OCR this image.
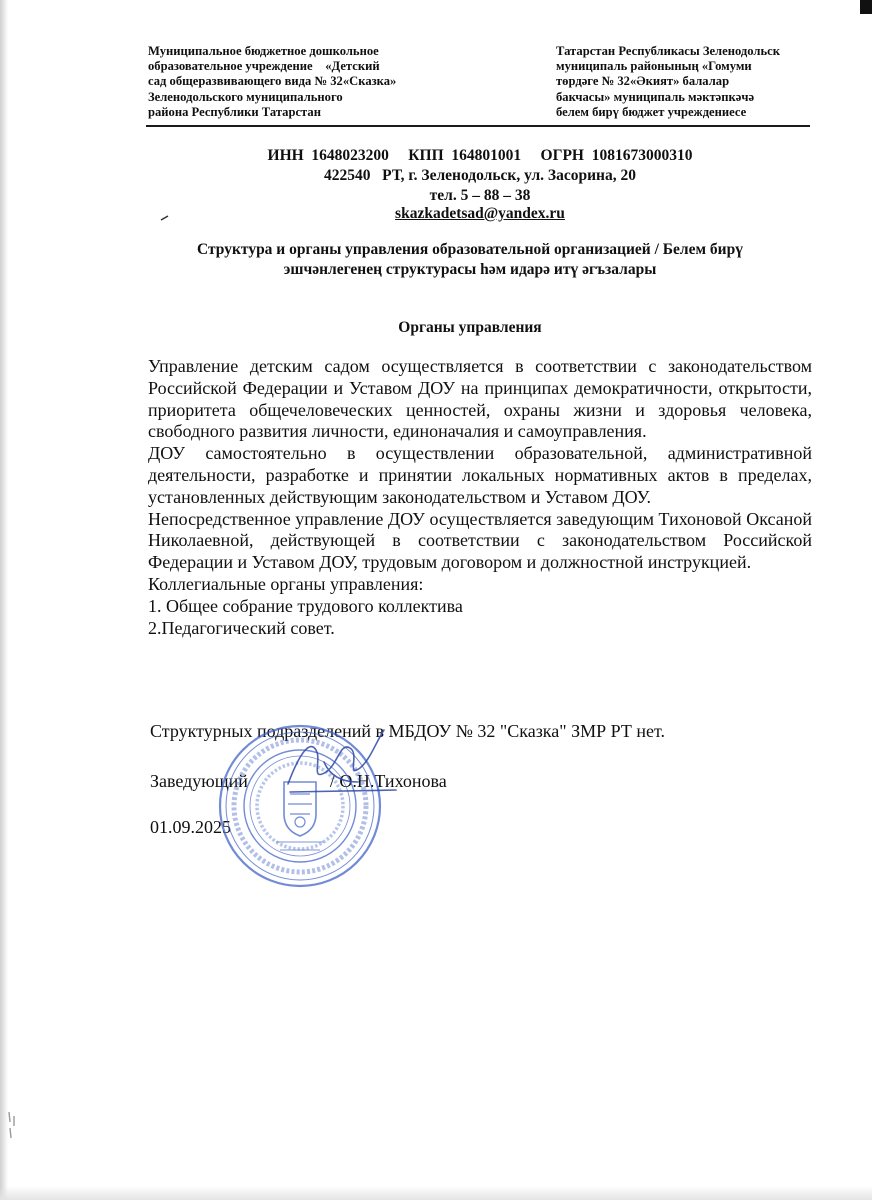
Муниципальное бюджетное дошкольное
образовательное учреждение    «Детский
сад общеразвивающего вида № 32«Сказка»
Зеленодольского муниципального
района Республики Татарстан
Татарстан Республикасы Зеленодольск
муниципаль районының «Гомуми
төрдәге № 32«Әкият» балалар
бакчасы» муниципаль мәктәпкәчә
белем бирү бюджет учреждениесе
ИНН  1648023200     КПП  164801001     ОГРН  1081673000310
422540   РТ, г. Зеленодольск, ул. Засорина, 20
тел. 5 – 88 – 38
skazkadetsad@yandex.ru
Структура и органы управления образовательной организацией / Белем бирү эшчәнлегенең структурасы һәм идарә итү әгъзалары
Органы управления

Управление детским садом осуществляется в соответствии с законодательством Российской Федерации и Уставом ДОУ на принципах демократичности, открытости, приоритета общечеловеческих ценностей, охраны жизни и здоровья человека, свободного развития личности, единоначалия и самоуправления.

ДОУ самостоятельно в осуществлении образовательной, административной деятельности, разработке и принятии локальных нормативных актов в пределах, установленных действующим законодательством и Уставом ДОУ.

Непосредственное управление ДОУ осуществляется заведующим Тихоновой Оксаной Николаевной, действующей в соответствии с законодательством Российской Федерации и Уставом ДОУ, трудовым договором и должностной инструкцией.

Коллегиальные органы управления:

1. Общее собрание трудового коллектива

2.Педагогический совет.

Структурных подразделений в МБДОУ № 32 "Сказка" ЗМР РТ нет.
Заведующий	/ О.Н.Тихонова
01.09.2025
